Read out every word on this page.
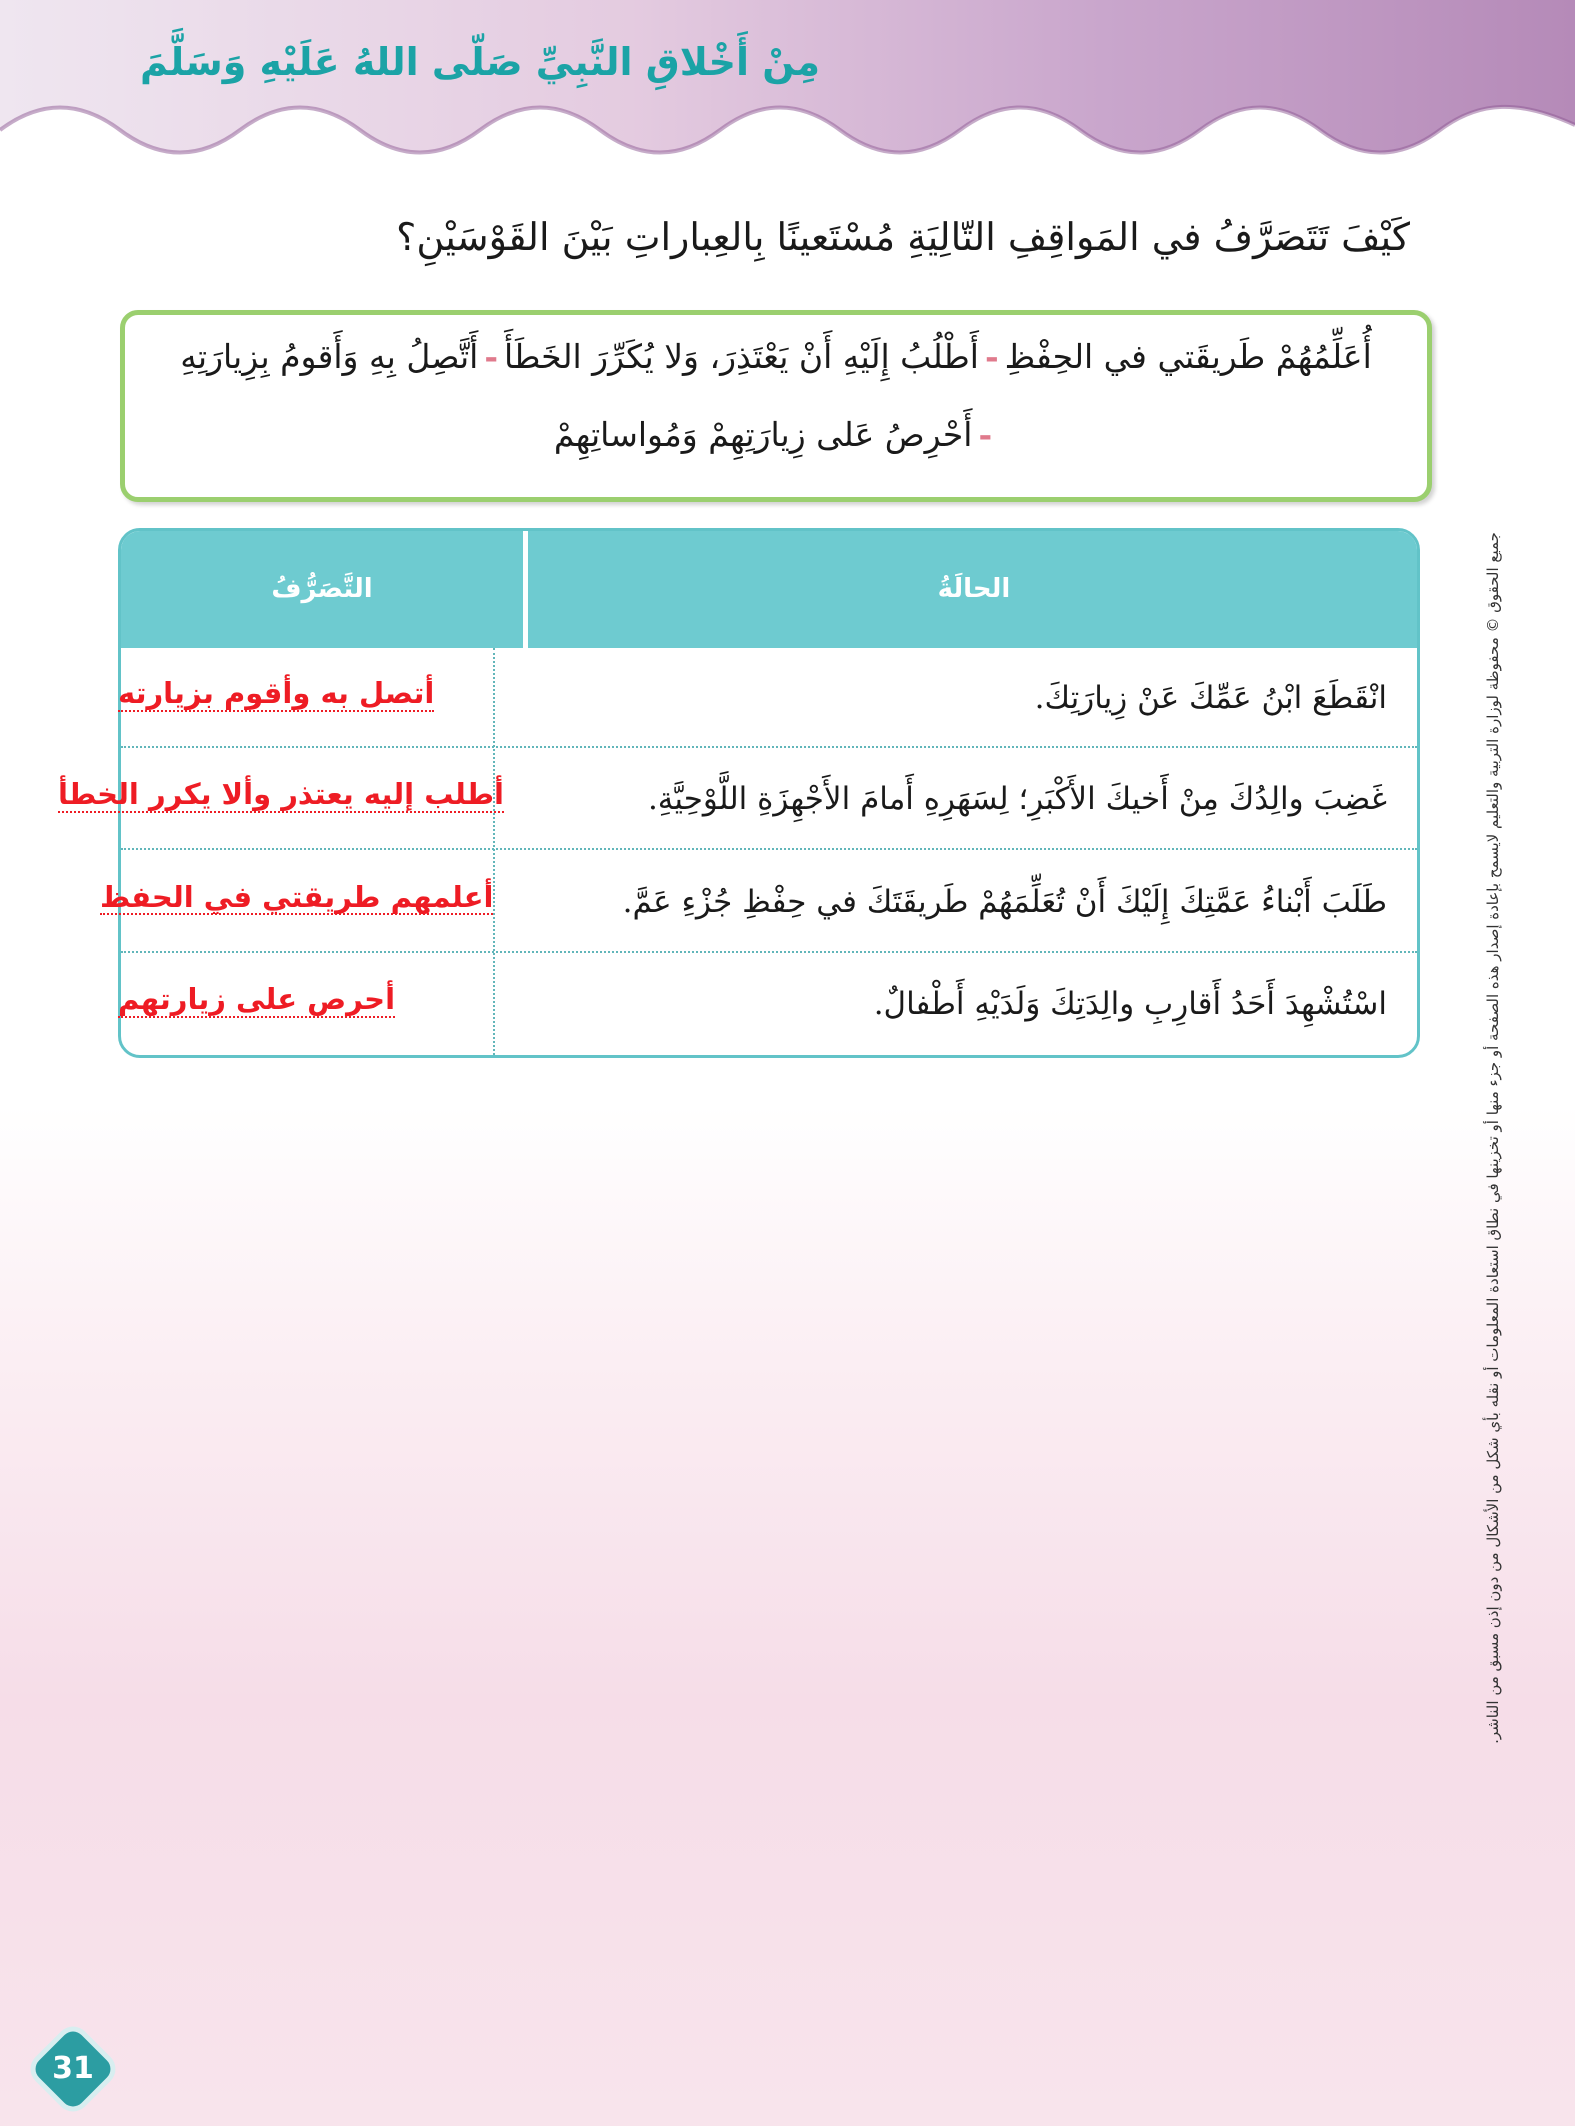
مِنْ أَخْلاقِ النَّبِيِّ صَلّى اللهُ عَلَيْهِ وَسَلَّمَ
كَيْفَ تَتَصَرَّفُ في المَواقِفِ التّالِيَةِ مُسْتَعينًا بِالعِباراتِ بَيْنَ القَوْسَيْنِ؟
أُعَلِّمُهُمْ طَريقَتي في الحِفْظِ-أَطْلُبُ إِلَيْهِ أَنْ يَعْتَذِرَ، وَلا يُكَرِّرَ الخَطَأَ-أَتَّصِلُ بِهِ وَأَقومُ بِزِيارَتِهِ
-أَحْرِصُ عَلى زِيارَتِهِمْ وَمُواساتِهِمْ
التَّصَرُّفُ	الحالَةُ
انْقَطَعَ ابْنُ عَمِّكَ عَنْ زِيارَتِكَ.
غَضِبَ والِدُكَ مِنْ أَخيكَ الأَكْبَرِ؛ لِسَهَرِهِ أَمامَ الأَجْهِزَةِ اللَّوْحِيَّةِ.
طَلَبَ أَبْناءُ عَمَّتِكَ إِلَيْكَ أَنْ تُعَلِّمَهُمْ طَريقَتَكَ في حِفْظِ جُزْءِ عَمَّ.
اسْتُشْهِدَ أَحَدُ أَقارِبِ والِدَتِكَ وَلَدَيْهِ أَطْفالٌ.
أتصل به وأقوم بزيارته
أطلب إليه يعتذر وألا يكرر الخطأ
أعلمهم طريقتي في الحفظ
أحرص على زيارتهم	جميع الحقوق © محفوظة لوزارة التربية والتعليم لايسمح بإعادة إصدار هذه الصفحة أو جزء منها أو تخزينها في نطاق استعادة المعلومات أو نقله بأي شكل من الأشكال من دون إذن مسبق من الناشر.
31
